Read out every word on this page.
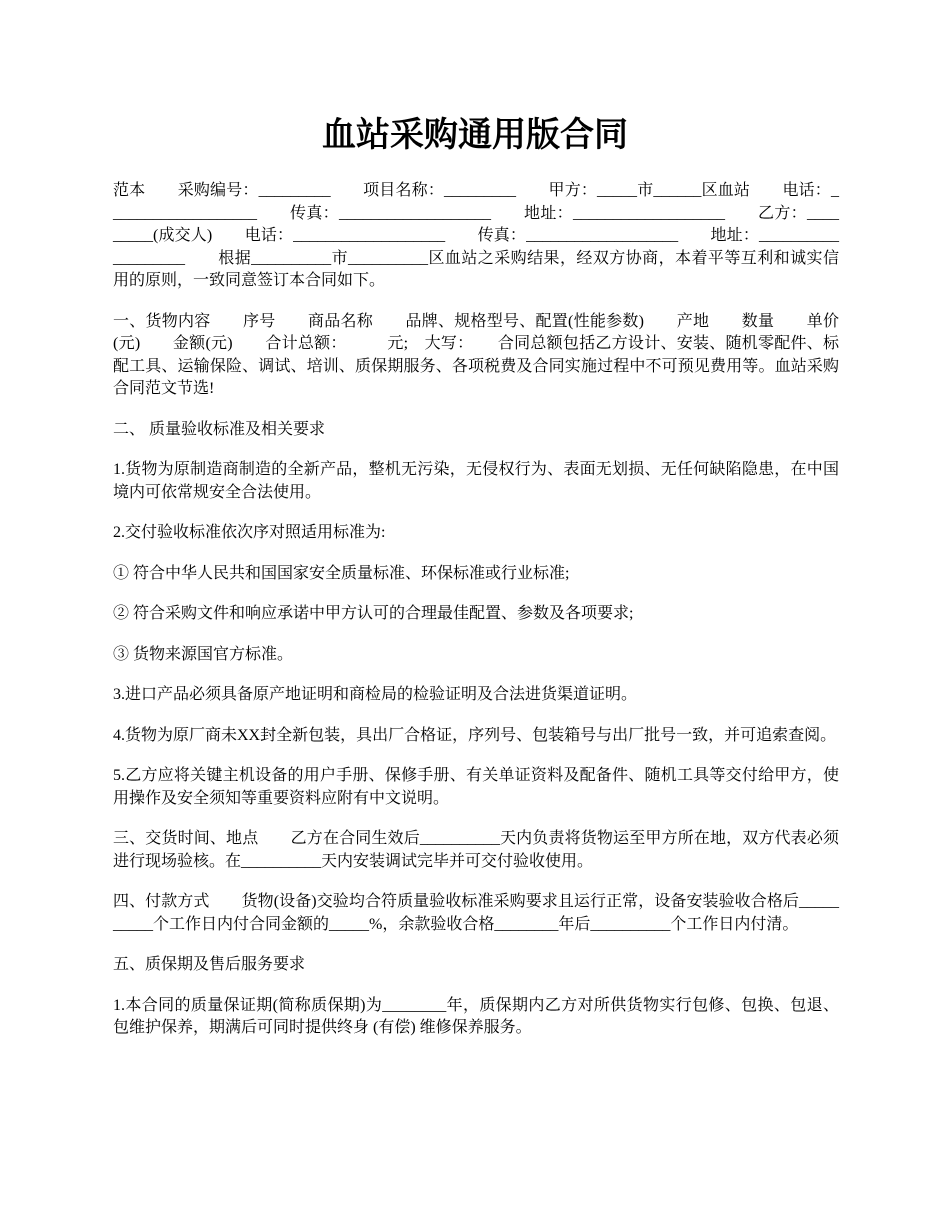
血站采购通用版合同

范本　　采购编号：_________　　项目名称：_________　　甲方：_____市______区血站　　电话：___________________　　传真：___________________　　地址：___________________　　乙方：_________(成交人)　　电话：___________________　　传真：___________________　　地址：___________________　　根据__________市__________区血站之采购结果，经双方协商，本着平等互利和诚实信用的原则，一致同意签订本合同如下。

一、货物内容　　序号　　商品名称　　品牌、规格型号、配置(性能参数)　　产地　　数量　　单价(元)　　金额(元)　　合计总额：　　　元;　大写：　　合同总额包括乙方设计、安装、随机零配件、标配工具、运输保险、调试、培训、质保期服务、各项税费及合同实施过程中不可预见费用等。血站采购合同范文节选!

二、 质量验收标准及相关要求

1.货物为原制造商制造的全新产品，整机无污染，无侵权行为、表面无划损、无任何缺陷隐患，在中国境内可依常规安全合法使用。

2.交付验收标准依次序对照适用标准为:

① 符合中华人民共和国国家安全质量标准、环保标准或行业标准;

② 符合采购文件和响应承诺中甲方认可的合理最佳配置、参数及各项要求;

③ 货物来源国官方标准。

3.进口产品必须具备原产地证明和商检局的检验证明及合法进货渠道证明。

4.货物为原厂商未XX封全新包装，具出厂合格证，序列号、包装箱号与出厂批号一致，并可追索查阅。

5.乙方应将关键主机设备的用户手册、保修手册、有关单证资料及配备件、随机工具等交付给甲方，使用操作及安全须知等重要资料应附有中文说明。

三、交货时间、地点　　乙方在合同生效后__________天内负责将货物运至甲方所在地，双方代表必须进行现场验核。在__________天内安装调试完毕并可交付验收使用。

四、付款方式　　货物(设备)交验均合符质量验收标准采购要求且运行正常，设备安装验收合格后__________个工作日内付合同金额的_____%，余款验收合格________年后__________个工作日内付清。

五、质保期及售后服务要求

1.本合同的质量保证期(简称质保期)为________年，质保期内乙方对所供货物实行包修、包换、包退、包维护保养，期满后可同时提供终身 (有偿) 维修保养服务。
